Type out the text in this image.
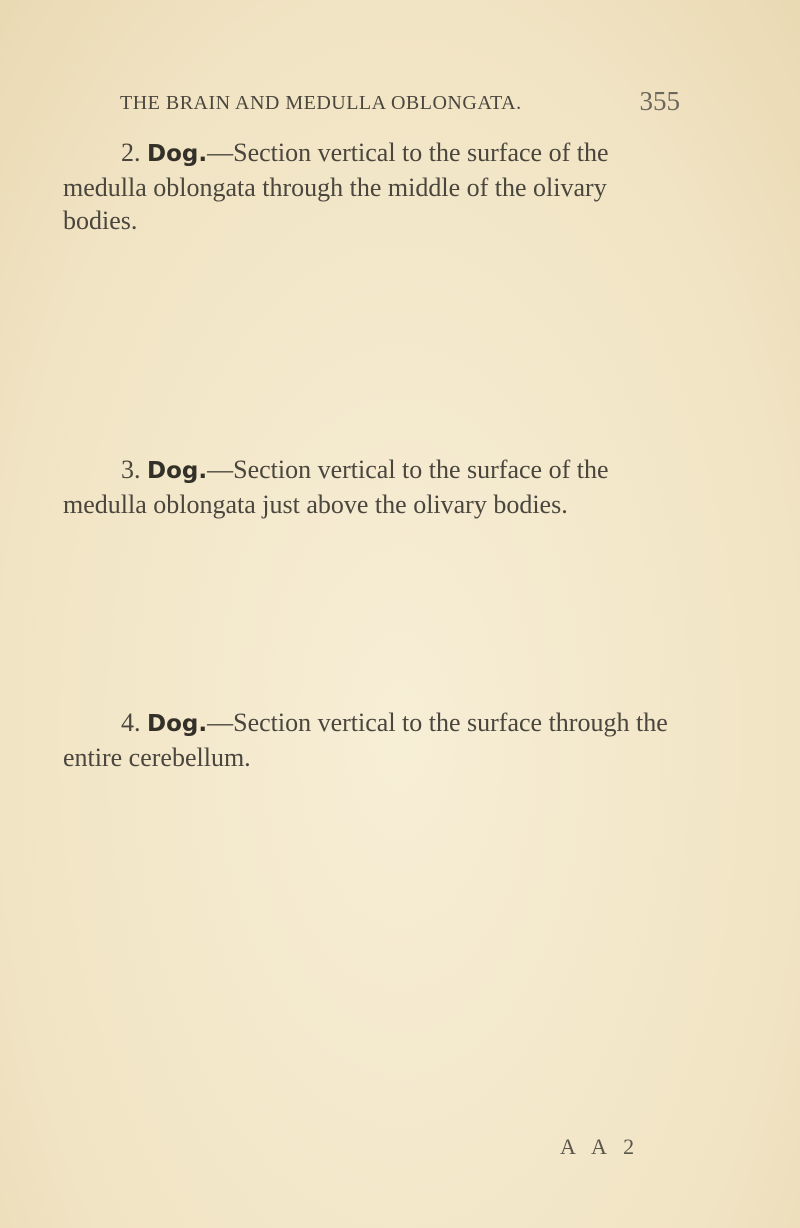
THE BRAIN AND MEDULLA OBLONGATA.	355
2. Dog.—Section vertical to the surface of the
medulla oblongata through the middle of the olivary bodies.
3. Dog.—Section vertical to the surface of the
medulla oblongata just above the olivary bodies.
4. Dog.—Section vertical to the surface through the
entire cerebellum.
A A 2
